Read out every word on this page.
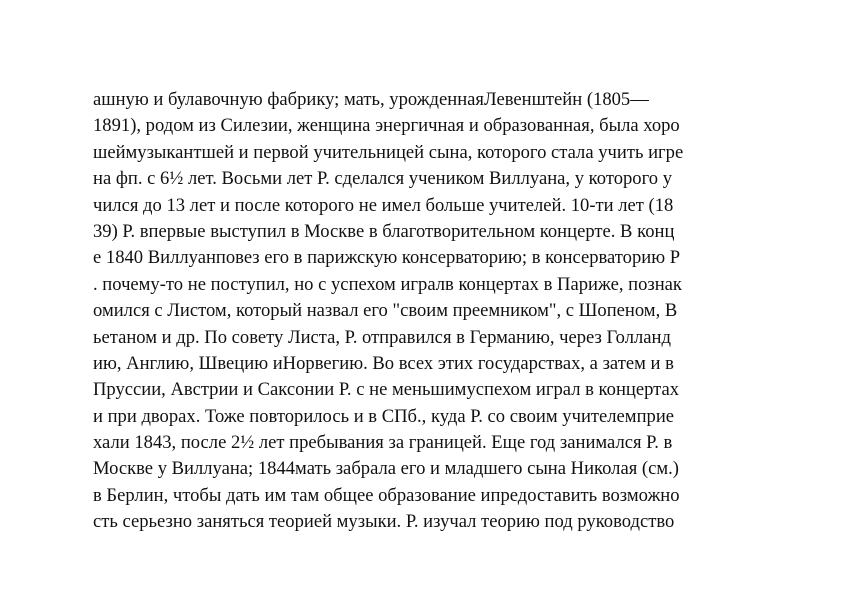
ашную и булавочную фабрику; мать, урожденнаяЛевенштейн (1805—
1891), родом из Силезии, женщина энергичная и образованная, была хоро
шеймузыкантшей и первой учительницей сына, которого стала учить игре
на фп. с 6½ лет. Восьми лет Р. сделался учеником Виллуана, у которого у
чился до 13 лет и после которого не имел больше учителей. 10-ти лет (18
39) Р. впервые выступил в Москве в благотворительном концерте. В конц
е 1840 Виллуанповез его в парижскую консерваторию; в консерваторию Р
. почему-то не поступил, но с успехом игралв концертах в Париже, познак
омился с Листом, который назвал его "своим преемником", с Шопеном, В
ьетаном и др. По совету Листа, Р. отправился в Германию, через Голланд
ию, Англию, Швецию иНорвегию. Во всех этих государствах, а затем и в
Пруссии, Австрии и Саксонии Р. с не меньшимуспехом играл в концертах
и при дворах. Тоже повторилось и в СПб., куда Р. со своим учителемприе
хали 1843, после 2½ лет пребывания за границей. Еще год занимался Р. в
Москве у Виллуана; 1844мать забрала его и младшего сына Николая (см.)
в Берлин, чтобы дать им там общее образование ипредоставить возможно
сть серьезно заняться теорией музыки. Р. изучал теорию под руководство
